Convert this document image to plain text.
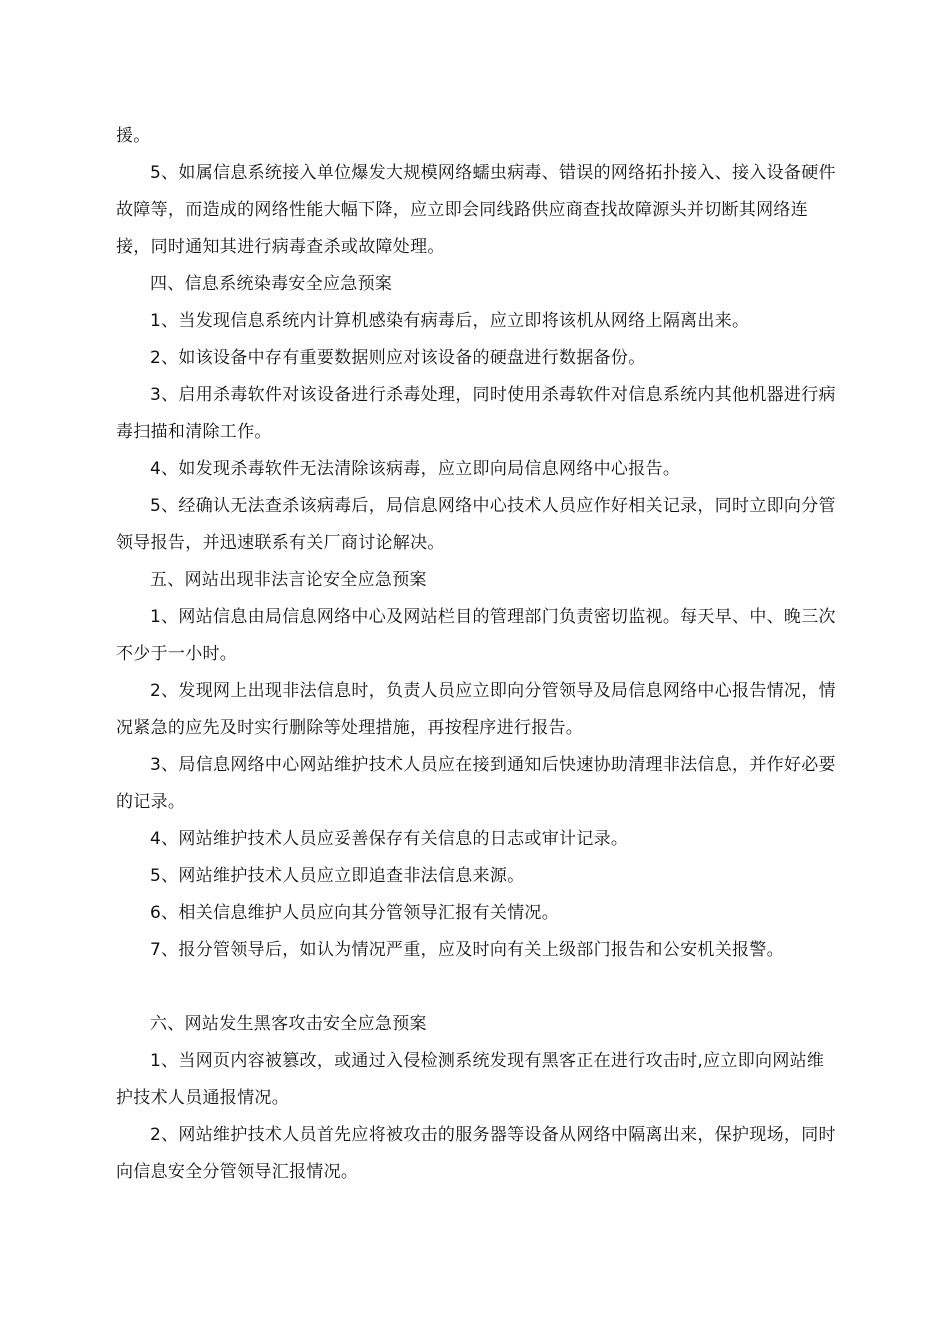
援。

5、如属信息系统接入单位爆发大规模网络蠕虫病毒、错误的网络拓扑接入、接入设备硬件故障等，而造成的网络性能大幅下降，应立即会同线路供应商查找故障源头并切断其网络连接，同时通知其进行病毒查杀或故障处理。

四、信息系统染毒安全应急预案

1、当发现信息系统内计算机感染有病毒后，应立即将该机从网络上隔离出来。

2、如该设备中存有重要数据则应对该设备的硬盘进行数据备份。

3、启用杀毒软件对该设备进行杀毒处理，同时使用杀毒软件对信息系统内其他机器进行病毒扫描和清除工作。

4、如发现杀毒软件无法清除该病毒，应立即向局信息网络中心报告。

5、经确认无法查杀该病毒后，局信息网络中心技术人员应作好相关记录，同时立即向分管领导报告，并迅速联系有关厂商讨论解决。

五、网站出现非法言论安全应急预案

1、网站信息由局信息网络中心及网站栏目的管理部门负责密切监视。每天早、中、晚三次不少于一小时。

2、发现网上出现非法信息时，负责人员应立即向分管领导及局信息网络中心报告情况，情况紧急的应先及时实行删除等处理措施，再按程序进行报告。

3、局信息网络中心网站维护技术人员应在接到通知后快速协助清理非法信息，并作好必要的记录。

4、网站维护技术人员应妥善保存有关信息的日志或审计记录。

5、网站维护技术人员应立即追查非法信息来源。

6、相关信息维护人员应向其分管领导汇报有关情况。

7、报分管领导后，如认为情况严重，应及时向有关上级部门报告和公安机关报警。

六、网站发生黑客攻击安全应急预案

1、当网页内容被篡改，或通过入侵检测系统发现有黑客正在进行攻击时,应立即向网站维护技术人员通报情况。

2、网站维护技术人员首先应将被攻击的服务器等设备从网络中隔离出来，保护现场，同时向信息安全分管领导汇报情况。
